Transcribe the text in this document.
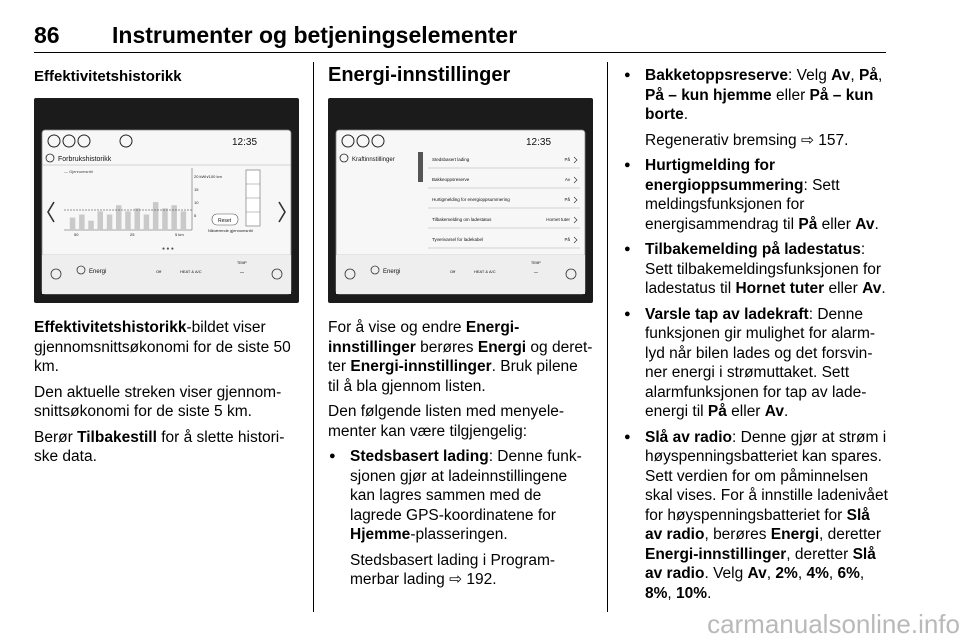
86 Instrumenter og betjeningselementer
Effektivitetshistorikk
12:35
Forbrukshistorikk
— Gjennomsnitt
20 kWh/100 km
15
10
5
50	25	5 km
Reset
Nåværende gjennomsnitt
● ● ●
Energi	Off	HEAT & A/C
TEMP
--

Effektivitetshistorikk-bildet viser gjennomsnittsøkonomi for de siste 50 km.

Den aktuelle streken viser gjennomsnittsøkonomi for de siste 5 km.

Berør Tilbakestill for å slette historiske data.

Energi-innstillinger
12:35
Kraftinnstillinger	Stedsbasert lading	På
Bakkeoppsreserve	Av
Hurtigmelding for energioppsummering	På
Tilbakemelding om ladestatus	Hornet tuter
Tyverivarsel for ladekabel	På
Energi	Off	HEAT & A/C
TEMP
--

For å vise og endre Energi-innstillinger berøres Energi og deretter Energi-innstillinger. Bruk pilene til å bla gjennom listen.

Den følgende listen med menyelementer kan være tilgjengelig:

● Stedsbasert lading: Denne funksjonen gjør at ladeinnstillingene kan lagres sammen med de lagrede GPS-koordinatene for Hjemme-plasseringen.

Stedsbasert lading i Programmerbar lading ⇨ 192.

● Bakketoppsreserve: Velg Av, På, På – kun hjemme eller På – kun borte.

Regenerativ bremsing ⇨ 157.

● Hurtigmelding for energioppsummering: Sett meldingsfunksjonen for energisammendrag til På eller Av.

● Tilbakemelding på ladestatus: Sett tilbakemeldingsfunksjonen for ladestatus til Hornet tuter eller Av.

● Varsle tap av ladekraft: Denne funksjonen gir mulighet for alarmlyd når bilen lades og det forsvinner energi i strømuttaket. Sett alarmfunksjonen for tap av ladeenergi til På eller Av.

● Slå av radio: Denne gjør at strøm i høyspenningsbatteriet kan spares. Sett verdien for om påminnelsen skal vises. For å innstille ladenivået for høyspenningsbatteriet for Slå av radio, berøres Energi, deretter Energi-innstillinger, deretter Slå av radio. Velg Av, 2%, 4%, 6%, 8%, 10%.

carmanualsonline.info
